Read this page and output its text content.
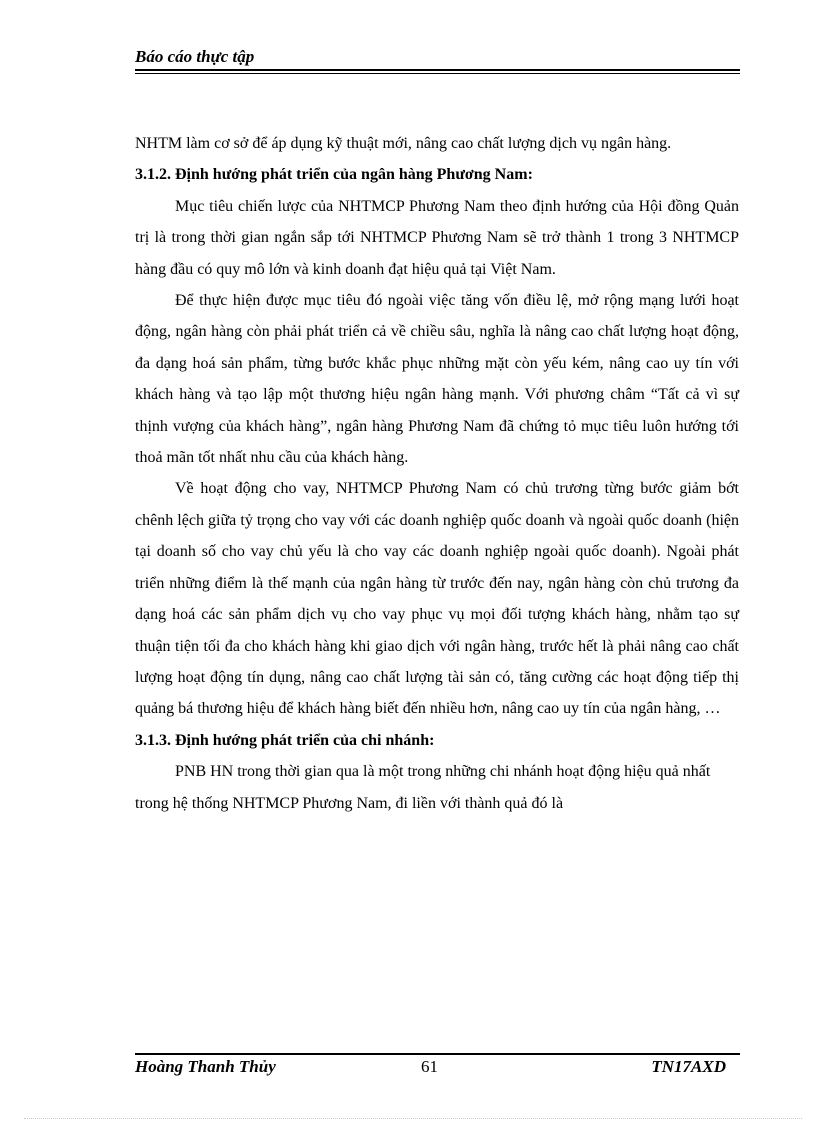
Báo cáo thực tập

NHTM làm cơ sở để áp dụng kỹ thuật mới, nâng cao chất lượng dịch vụ ngân hàng.

3.1.2. Định hướng phát triển của ngân hàng Phương Nam:

Mục tiêu chiến lược của NHTMCP Phương Nam theo định hướng của Hội đồng Quản trị là trong thời gian ngắn sắp tới NHTMCP Phương Nam sẽ trở thành 1 trong 3 NHTMCP hàng đầu có quy mô lớn và kinh doanh đạt hiệu quả tại Việt Nam.

Để thực hiện được mục tiêu đó ngoài việc tăng vốn điều lệ, mở rộng mạng lưới hoạt động, ngân hàng còn phải phát triển cả về chiều sâu, nghĩa là nâng cao chất lượng hoạt động, đa dạng hoá sản phẩm, từng bước khắc phục những mặt còn yếu kém, nâng cao uy tín với khách hàng và tạo lập một thương hiệu ngân hàng mạnh. Với phương châm “Tất cả vì sự thịnh vượng của khách hàng”, ngân hàng Phương Nam đã chứng tỏ mục tiêu luôn hướng tới thoả mãn tốt nhất nhu cầu của khách hàng.

Về hoạt động cho vay, NHTMCP Phương Nam có chủ trương từng bước giảm bớt chênh lệch giữa tỷ trọng cho vay với các doanh nghiệp quốc doanh và ngoài quốc doanh (hiện tại doanh số cho vay chủ yếu là cho vay các doanh nghiệp ngoài quốc doanh). Ngoài phát triển những điểm là thế mạnh của ngân hàng từ trước đến nay, ngân hàng còn chủ trương đa dạng hoá các sản phẩm dịch vụ cho vay phục vụ mọi đối tượng khách hàng, nhằm tạo sự thuận tiện tối đa cho khách hàng khi giao dịch với ngân hàng, trước hết là phải nâng cao chất lượng hoạt động tín dụng, nâng cao chất lượng tài sản có, tăng cường các hoạt động tiếp thị quảng bá thương hiệu để khách hàng biết đến nhiều hơn, nâng cao uy tín của ngân hàng, …

3.1.3. Định hướng phát triển của chi nhánh:

PNB HN trong thời gian qua là một trong những chi nhánh hoạt động hiệu quả nhất trong hệ thống NHTMCP Phương Nam, đi liền với thành quả đó là

Hoàng Thanh Thủy	61	TN17AXD
